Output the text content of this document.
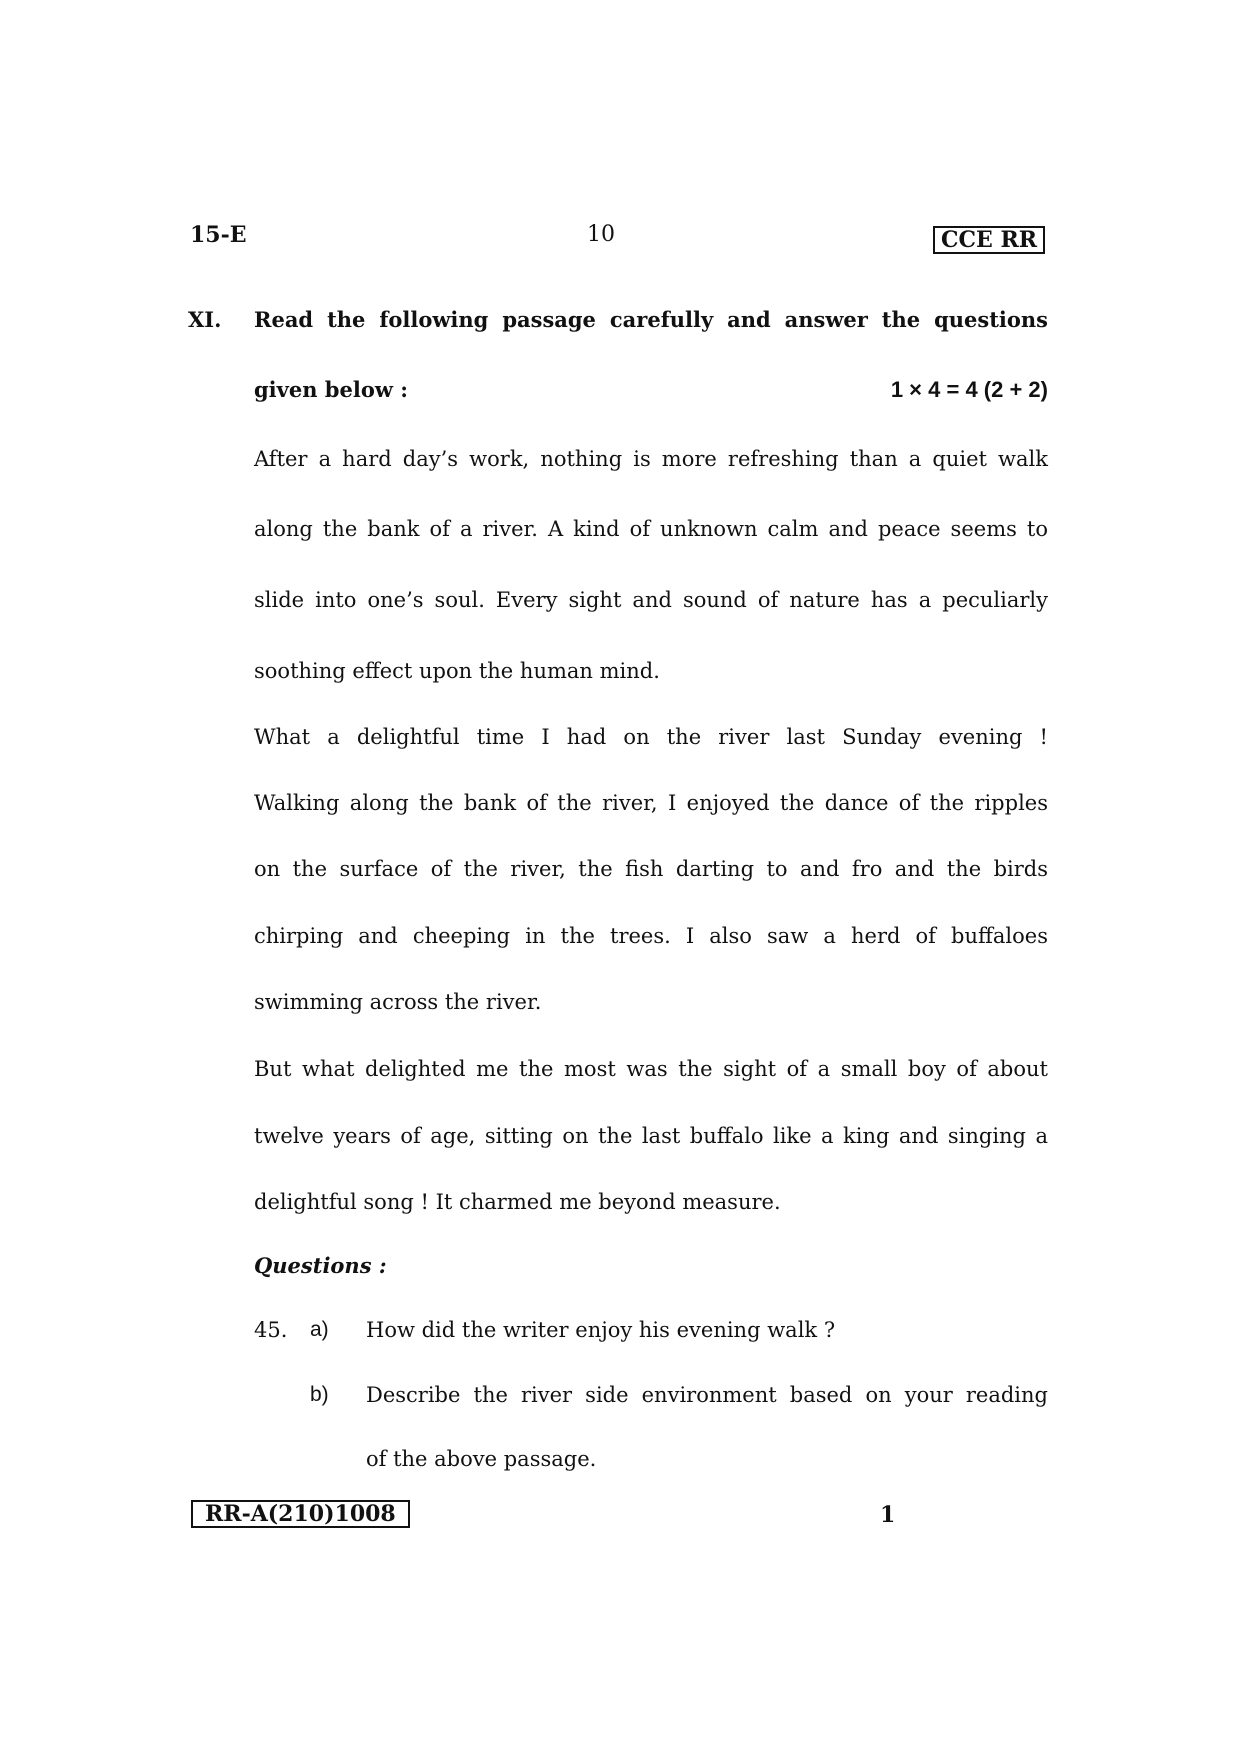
15-E	10	CCE RR
XI. Read the following passage carefully and answer the questions
given below :	1 × 4 = 4 (2 + 2)
After a hard day’s work, nothing is more refreshing than a quiet walk
along the bank of a river. A kind of unknown calm and peace seems to
slide into one’s soul. Every sight and sound of nature has a peculiarly
soothing effect upon the human mind.
What a delightful time I had on the river last Sunday evening !
Walking along the bank of the river, I enjoyed the dance of the ripples
on the surface of the river, the fish darting to and fro and the birds
chirping and cheeping in the trees. I also saw a herd of buffaloes
swimming across the river.
But what delighted me the most was the sight of a small boy of about
twelve years of age, sitting on the last buffalo like a king and singing a
delightful song ! It charmed me beyond measure.
Questions :
45. a) How did the writer enjoy his evening walk ?
b) Describe the river side environment based on your reading
of the above passage.
RR-A(210)1008	1
